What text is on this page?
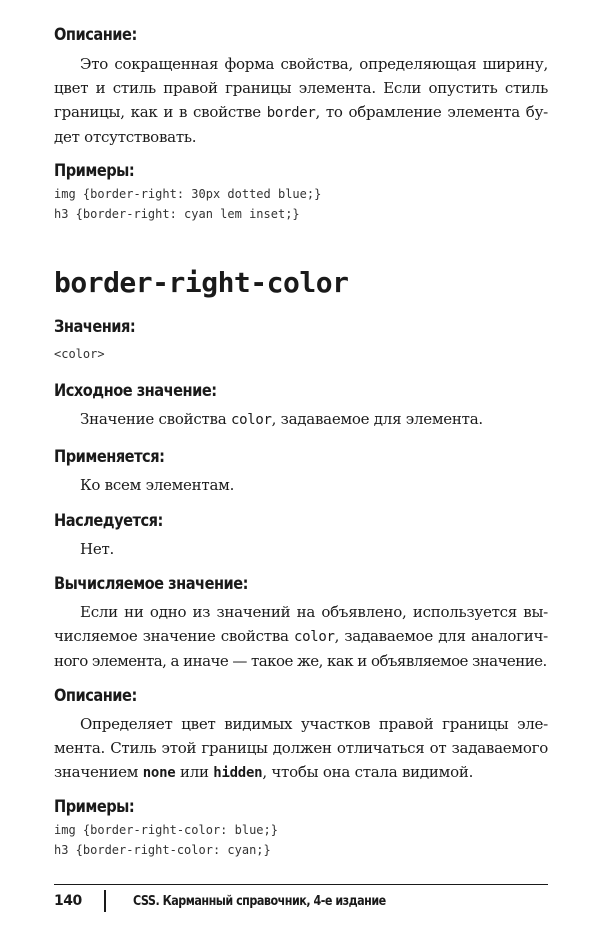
Описание:

Это сокращенная форма свойства, определяющая ширину,
цвет и стиль правой границы элемента. Если опустить стиль
границы, как и в свойстве border, то обрамление элемента бу-
дет отсутствовать.

Примеры:

img {border-right: 30px dotted blue;}
h3 {border-right: cyan lem inset;}
border-right-color

Значения:

<color>

Исходное значение:

Значение свойства color, задаваемое для элемента.

Применяется:

Ко всем элементам.

Наследуется:

Нет.

Вычисляемое значение:

Если ни одно из значений на объявлено, используется вы-
числяемое значение свойства color, задаваемое для аналогич-
ного элемента, а иначе — такое же, как и объявляемое значение.

Описание:

Определяет цвет видимых участков правой границы эле-
мента. Стиль этой границы должен отличаться от задаваемого
значением none или hidden, чтобы она стала видимой.

Примеры:

img {border-right-color: blue;}
h3 {border-right-color: cyan;}
140	CSS. Карманный справочник, 4-е издание
